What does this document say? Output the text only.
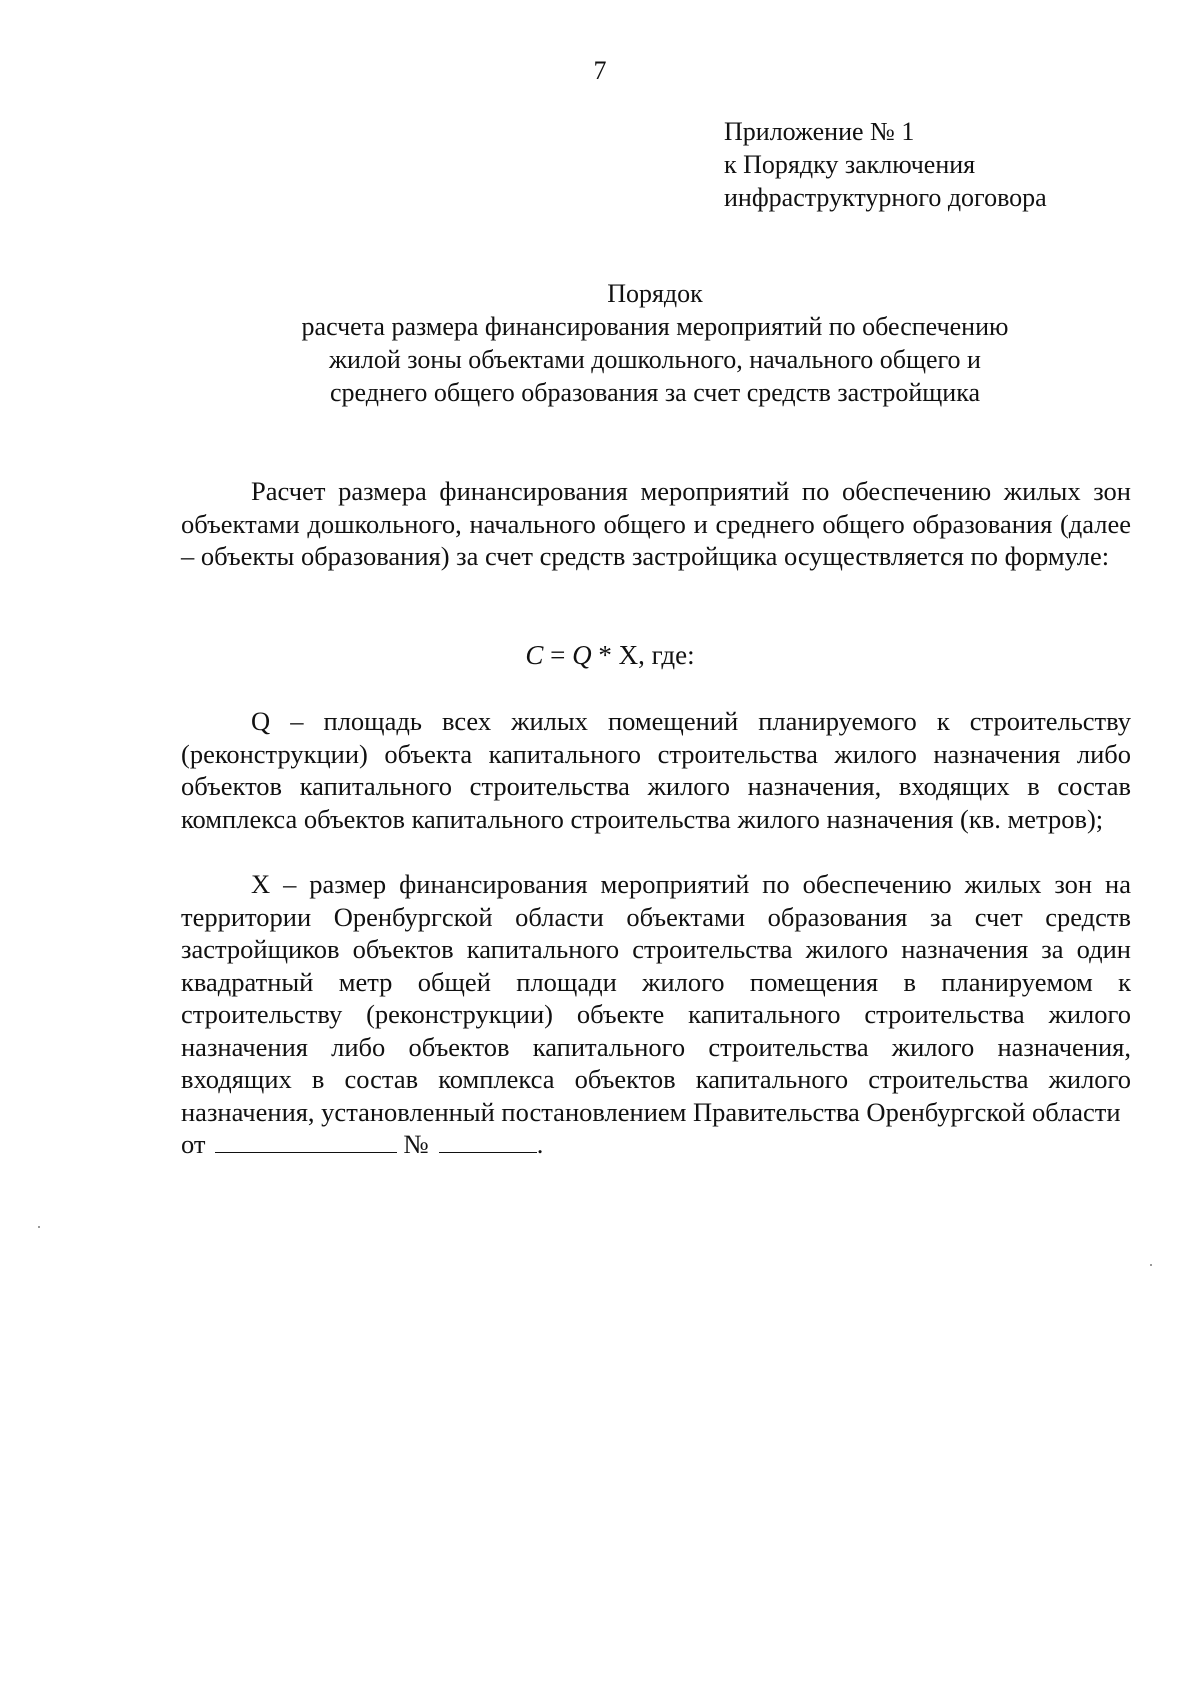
7
Приложение № 1
к Порядку заключения
инфраструктурного договора
Порядок
расчета размера финансирования мероприятий по обеспечению
жилой зоны объектами дошкольного, начального общего и
среднего общего образования за счет средств застройщика
Расчет размера финансирования мероприятий по обеспечению жилых зон объектами дошкольного, начального общего и среднего общего образования (далее – объекты образования) за счет средств застройщика осуществляется по формуле:
C = Q * X, где:
Q – площадь всех жилых помещений планируемого к строительству (реконструкции) объекта капитального строительства жилого назначения либо объектов капитального строительства жилого назначения, входящих в состав комплекса объектов капитального строительства жилого назначения (кв. метров);
X – размер финансирования мероприятий по обеспечению жилых зон на территории Оренбургской области объектами образования за счет средств застройщиков объектов капитального строительства жилого назначения за один квадратный метр общей площади жилого помещения в планируемом к строительству (реконструкции) объекте капитального строительства жилого назначения либо объектов капитального строительства жилого назначения, входящих в состав комплекса объектов капитального строительства жилого назначения, установленный постановлением Правительства Оренбургской области
от	№	.
